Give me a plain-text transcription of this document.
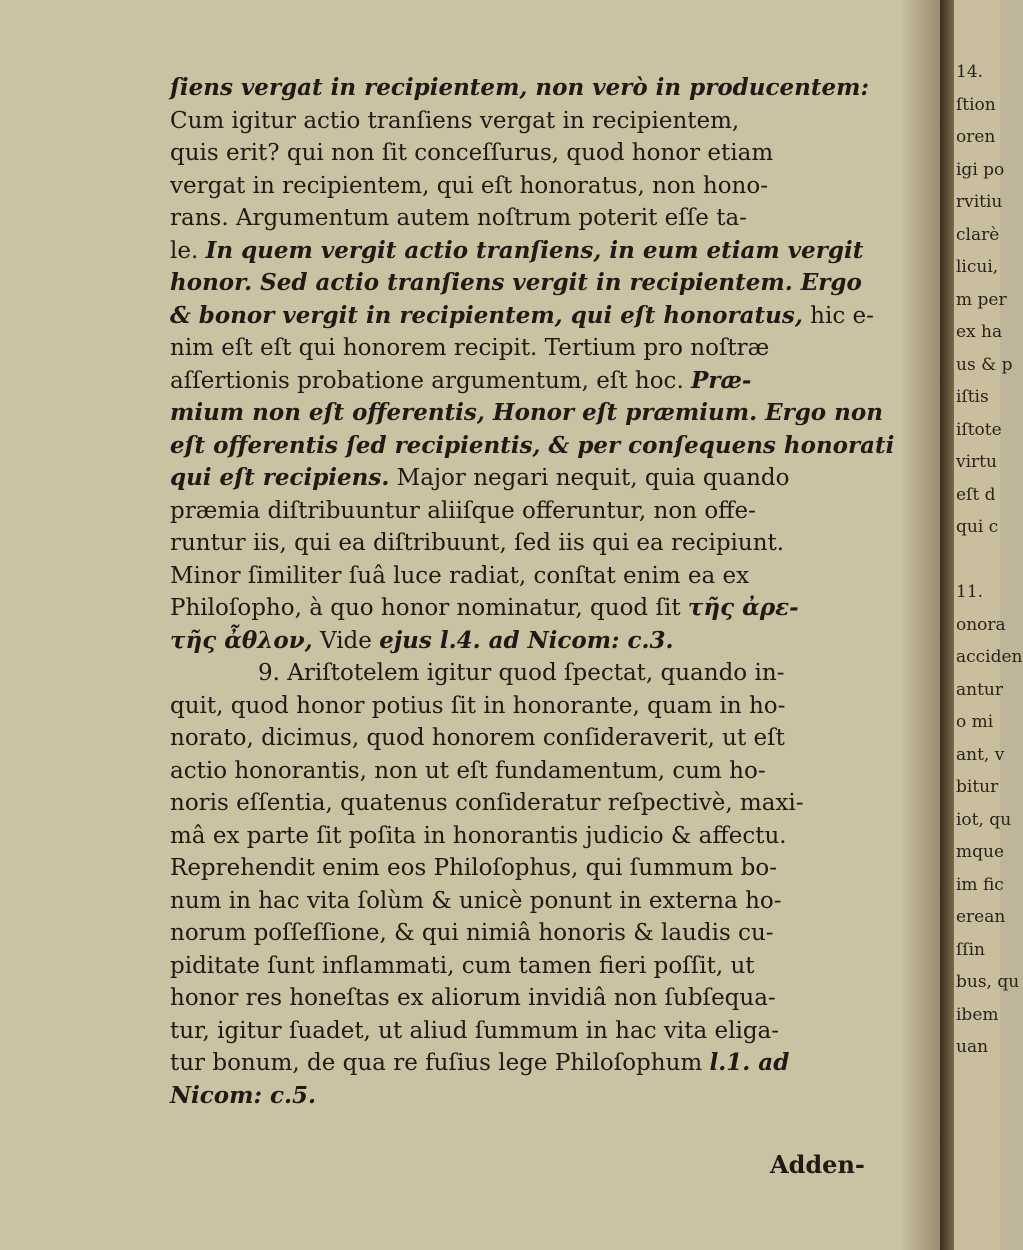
ſiens vergat in recipientem, non verò in producentem:
Cum igitur actio tranſiens vergat in recipientem,
quis erit? qui non ſit conceſſurus, quod honor etiam
vergat in recipientem, qui eſt honoratus, non hono-
rans. Argumentum autem noſtrum poterit eſſe ta-
le. In quem vergit actio tranſiens, in eum etiam vergit
honor. Sed actio tranſiens vergit in recipientem. Ergo
& bonor vergit in recipientem, qui eſt honoratus, hic e-
nim eſt eſt qui honorem recipit. Tertium pro noſtræ
aſſertionis probatione argumentum, eſt hoc. Præ-
mium non eſt offerentis, Honor eſt præmium. Ergo non
eſt offerentis ſed recipientis, & per conſequens honorati
qui eſt recipiens. Major negari nequit, quia quando
præmia diſtribuuntur aliiſque offeruntur, non offe-
runtur iis, qui ea diſtribuunt, ſed iis qui ea recipiunt.
Minor ſimiliter ſuâ luce radiat, conſtat enim ea ex
Philoſopho, à quo honor nominatur, quod ſit τῆς ἀρε-
τῆς ἆθλον, Vide ejus l.4. ad Nicom: c.3.
9. Ariſtotelem igitur quod ſpectat, quando in-
quit, quod honor potius ſit in honorante, quam in ho-
norato, dicimus, quod honorem conſideraverit, ut eſt
actio honorantis, non ut eſt fundamentum, cum ho-
noris eſſentia, quatenus conſideratur reſpectivè, maxi-
mâ ex parte ſit poſita in honorantis judicio & affectu.
Reprehendit enim eos Philoſophus, qui ſummum bo-
num in hac vita ſolùm & unicè ponunt in externa ho-
norum poſſeſſione, & qui nimiâ honoris & laudis cu-
piditate ſunt inflammati, cum tamen fieri poſſit, ut
honor res honeſtas ex aliorum invidiâ non ſubſequa-
tur, igitur ſuadet, ut aliud ſummum in hac vita eliga-
tur bonum, de qua re fuſius lege Philoſophum l.1. ad
Nicom: c.5.
Adden-
14.
ſtion
oren
igi po
rvitiu
clarè
licui,
m per
ex ha
us & p
iſtis
iſtote
virtu
eſt d
qui c
11.
onora
acciden
antur
o mi
ant, v
bitur
iot, qu
mque
im fic
erean
ſſin
bus, qu
ibem
uan
